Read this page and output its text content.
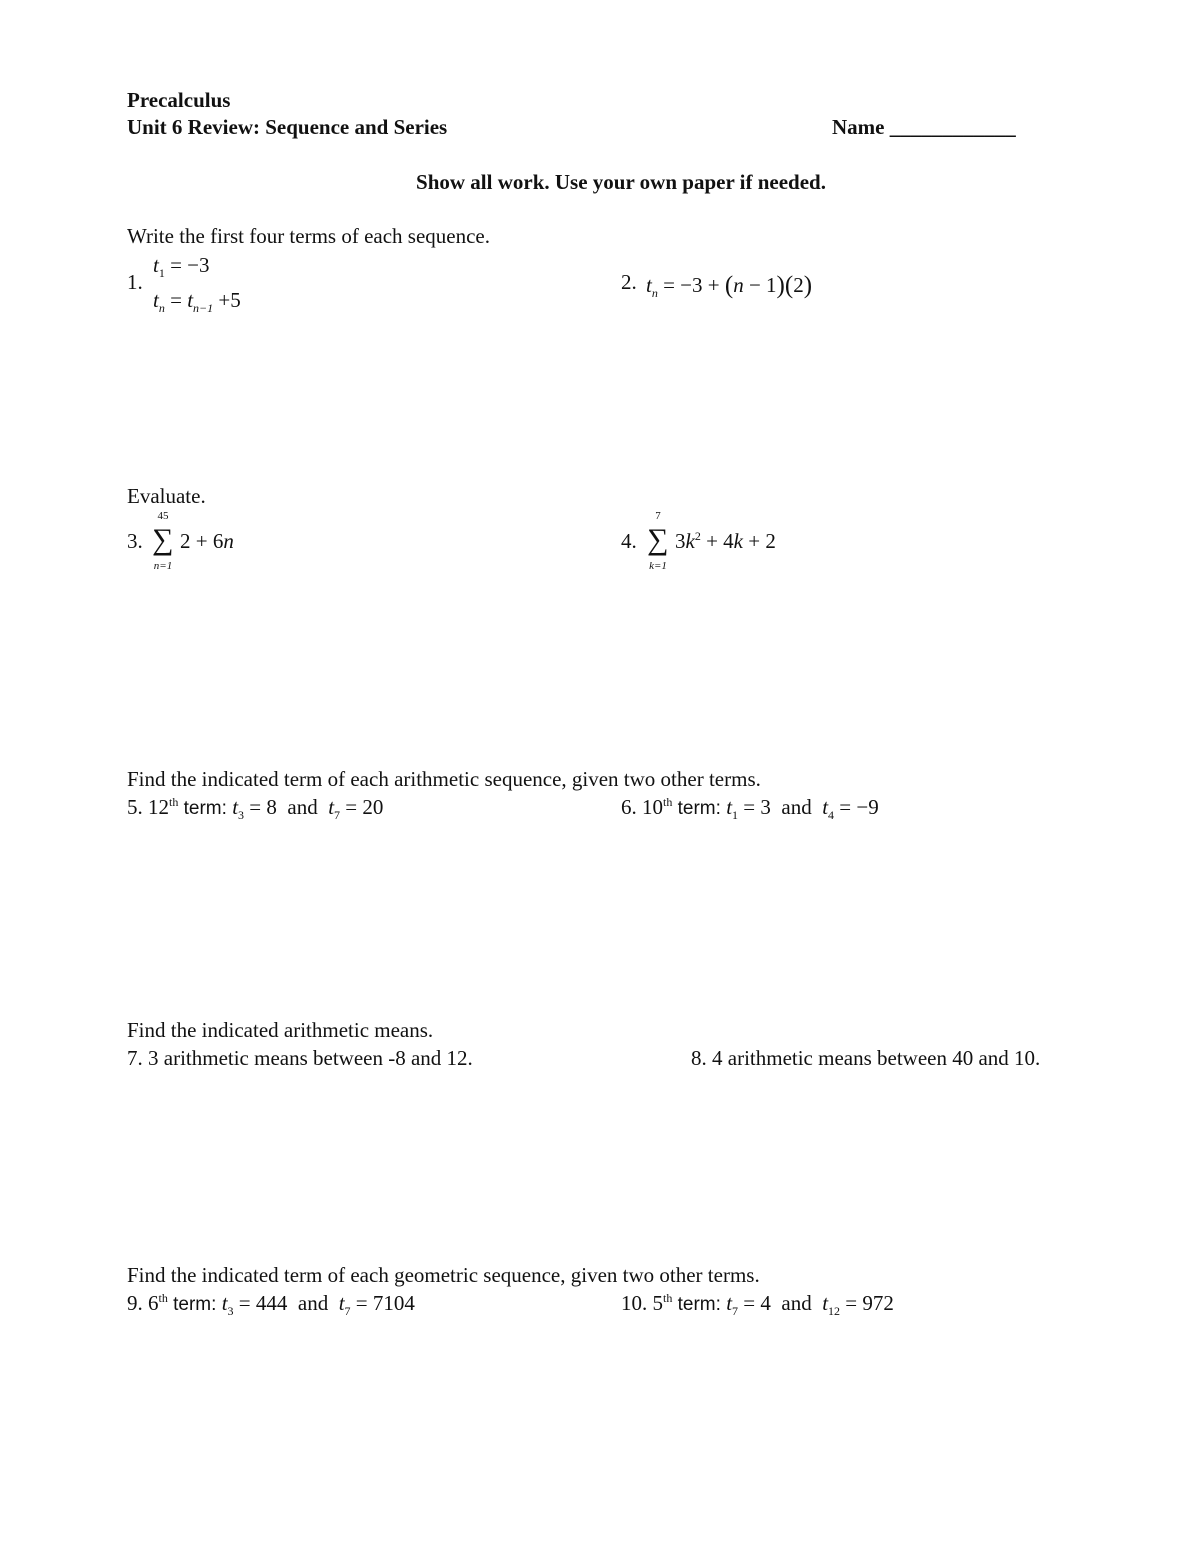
Precalculus
Unit 6 Review: Sequence and Series	Name ____________
Show all work. Use your own paper if needed.
Write the first four terms of each sequence.
1.
$t_1 = -3$
$t_n = t_{n-1} +5$
2. $t_n = -3 + (n - 1)(2)$
Evaluate.
3.
45
∑
n=1
2 + 6n	4.
7
∑
k=1
$3k^2 + 4k + 2$
Find the indicated term of each arithmetic sequence, given two other terms.
5. 12th term: $t_3 = 8$  and  $t_7 = 20$	6. 10th term: $t_1 = 3$  and  $t_4 = -9$
Find the indicated arithmetic means.
7. 3 arithmetic means between -8 and 12.	8. 4 arithmetic means between 40 and 10.
Find the indicated term of each geometric sequence, given two other terms.
9. 6th term: $t_3 = 444$  and  $t_7 = 7104$	10. 5th term: $t_7 = 4$  and  $t_{12} = 972$
